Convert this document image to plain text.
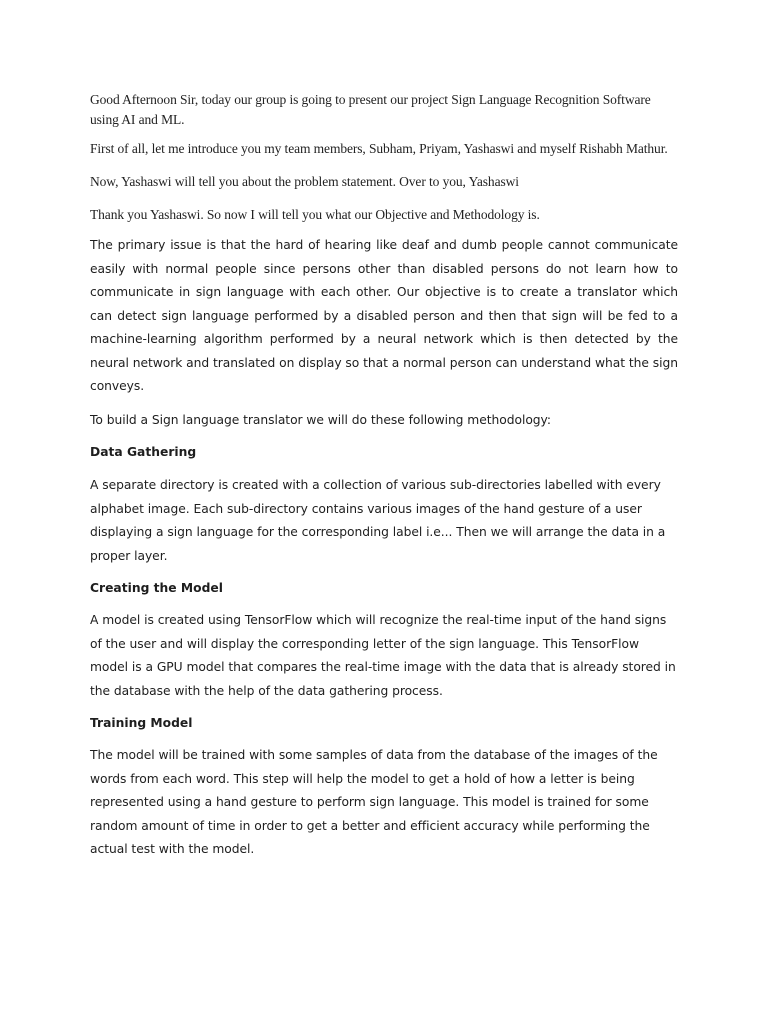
Good Afternoon Sir, today our group is going to present our project Sign Language Recognition Software using AI and ML.

First of all, let me introduce you my team members, Subham, Priyam, Yashaswi and myself Rishabh Mathur.

Now, Yashaswi will tell you about the problem statement. Over to you, Yashaswi

Thank you Yashaswi. So now I will tell you what our Objective and Methodology is.

The primary issue is that the hard of hearing like deaf and dumb people cannot communicate easily with normal people since persons other than disabled persons do not learn how to communicate in sign language with each other. Our objective is to create a translator which can detect sign language performed by a disabled person and then that sign will be fed to a machine-learning algorithm performed by a neural network which is then detected by the neural network and translated on display so that a normal person can understand what the sign conveys.

To build a Sign language translator we will do these following methodology:

Data Gathering

A separate directory is created with a collection of various sub-directories labelled with every alphabet image. Each sub-directory contains various images of the hand gesture of a user displaying a sign language for the corresponding label i.e... Then we will arrange the data in a proper layer.

Creating the Model

A model is created using TensorFlow which will recognize the real-time input of the hand signs of the user and will display the corresponding letter of the sign language. This TensorFlow model is a GPU model that compares the real-time image with the data that is already stored in the database with the help of the data gathering process.

Training Model

The model will be trained with some samples of data from the database of the images of the words from each word. This step will help the model to get a hold of how a letter is being represented using a hand gesture to perform sign language. This model is trained for some random amount of time in order to get a better and efficient accuracy while performing the actual test with the model.
